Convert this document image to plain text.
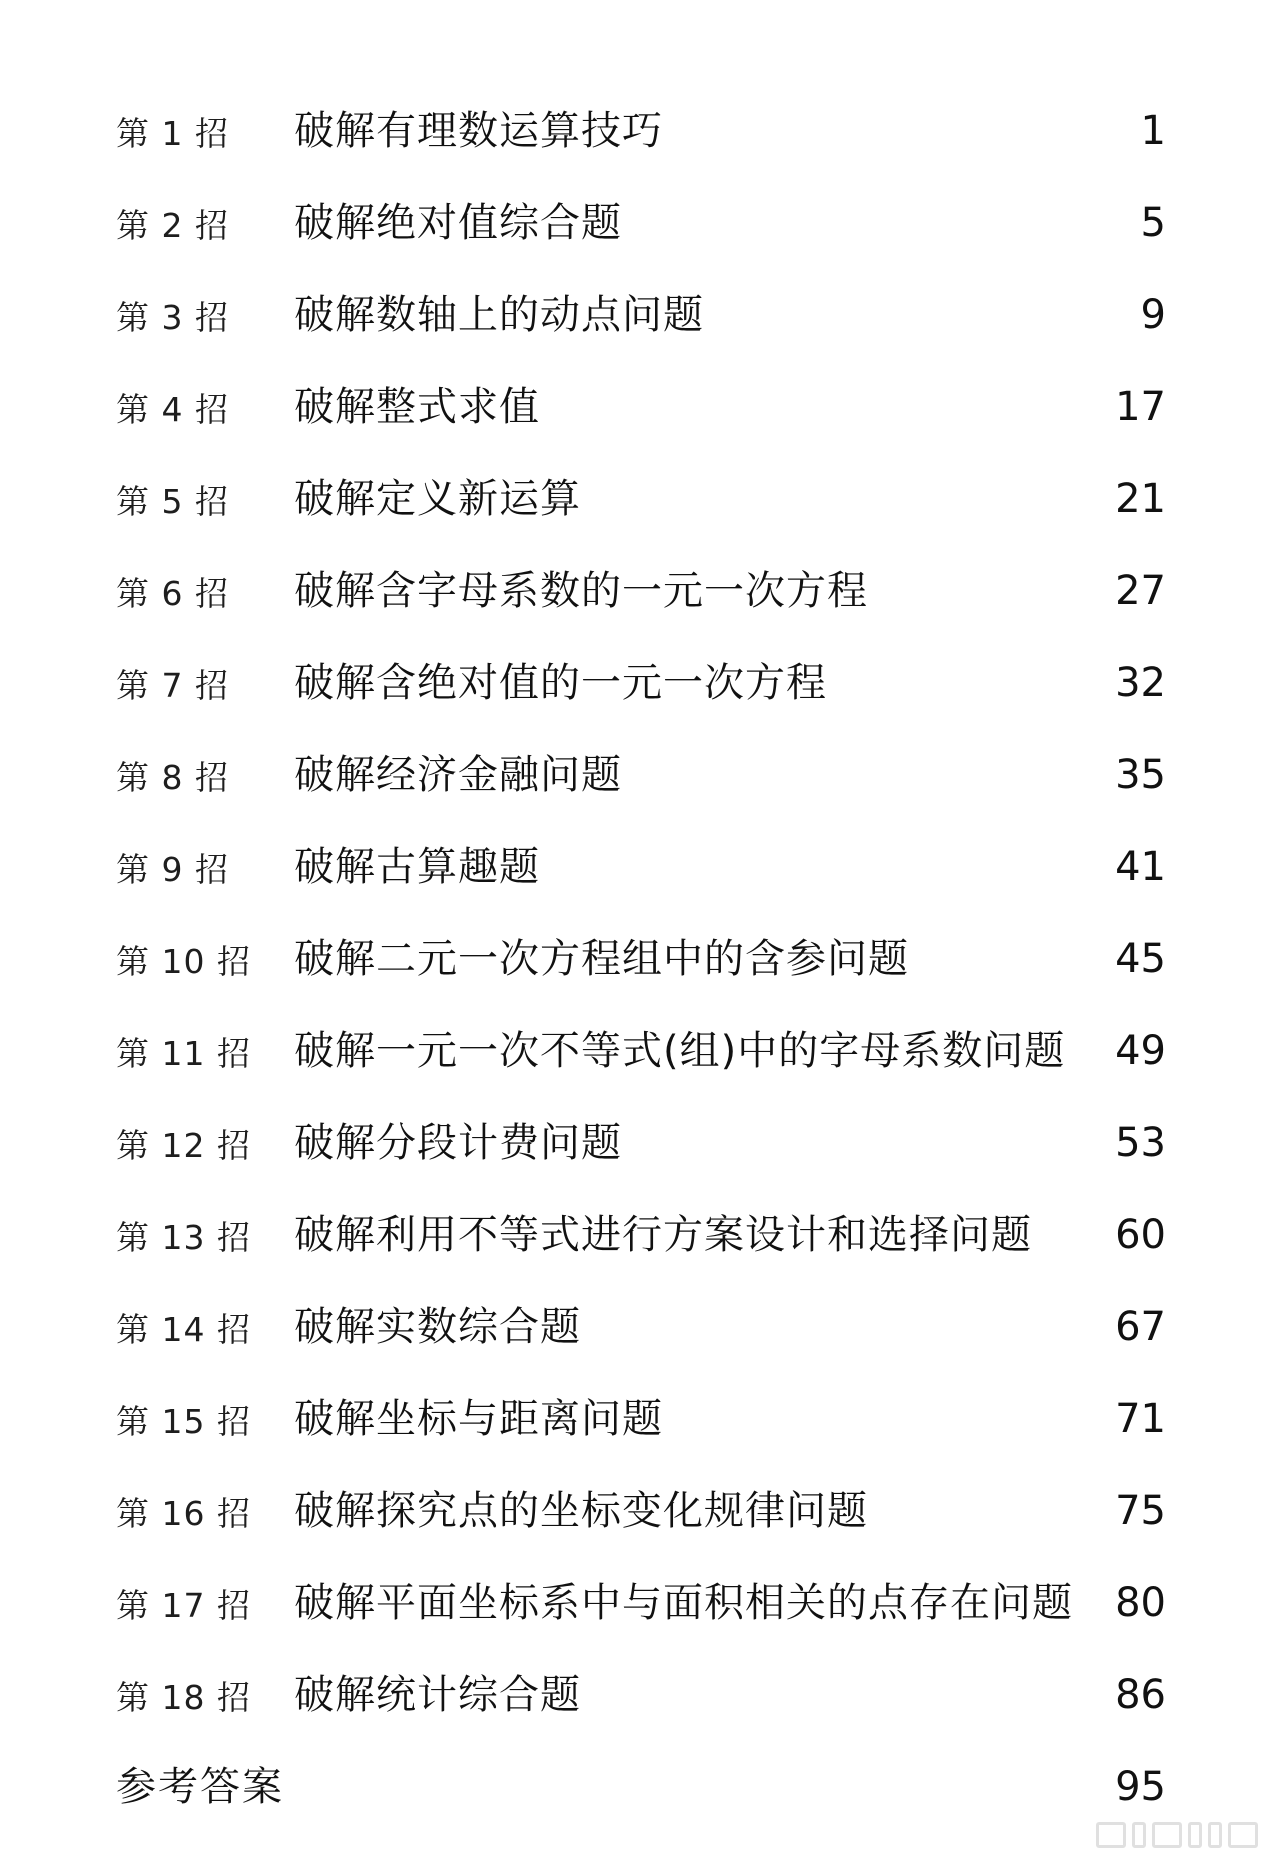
第 1 招 破解有理数运算技巧	1
第 2 招 破解绝对值综合题	5
第 3 招 破解数轴上的动点问题	9
第 4 招 破解整式求值	17
第 5 招 破解定义新运算	21
第 6 招 破解含字母系数的一元一次方程	27
第 7 招 破解含绝对值的一元一次方程	32
第 8 招 破解经济金融问题	35
第 9 招 破解古算趣题	41
第 10 招 破解二元一次方程组中的含参问题	45
第 11 招 破解一元一次不等式(组)中的字母系数问题 49
第 12 招 破解分段计费问题	53
第 13 招 破解利用不等式进行方案设计和选择问题 60
第 14 招 破解实数综合题	67
第 15 招 破解坐标与距离问题	71
第 16 招 破解探究点的坐标变化规律问题	75
第 17 招 破解平面坐标系中与面积相关的点存在问题 80
第 18 招 破解统计综合题	86
参考答案	95
